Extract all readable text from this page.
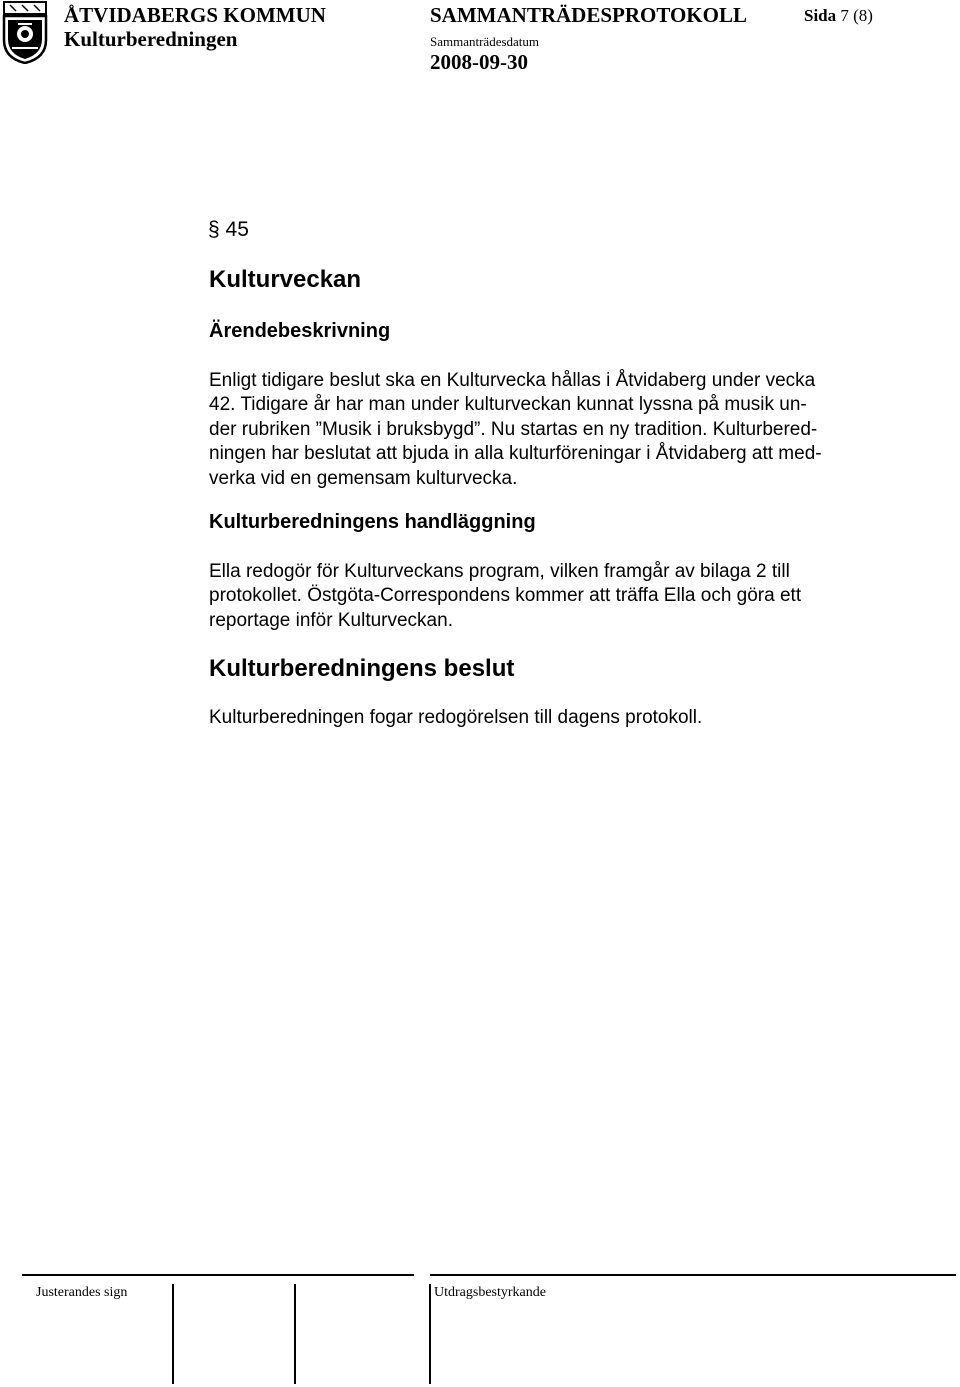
ÅTVIDABERGS KOMMUN
Kulturberedningen
SAMMANTRÄDESPROTOKOLL
Sammanträdesdatum
2008-09-30
Sida 7 (8)
§ 45
Kulturveckan
Ärendebeskrivning
Enligt tidigare beslut ska en Kulturvecka hållas i Åtvidaberg under vecka
42. Tidigare år har man under kulturveckan kunnat lyssna på musik un-
der rubriken ”Musik i bruksbygd”. Nu startas en ny tradition. Kulturbered-
ningen har beslutat att bjuda in alla kulturföreningar i Åtvidaberg att med-
verka vid en gemensam kulturvecka.
Kulturberedningens handläggning
Ella redogör för Kulturveckans program, vilken framgår av bilaga 2 till
protokollet. Östgöta-Correspondens kommer att träffa Ella och göra ett
reportage inför Kulturveckan.
Kulturberedningens beslut
Kulturberedningen fogar redogörelsen till dagens protokoll.
Justerandes sign	Utdragsbestyrkande
